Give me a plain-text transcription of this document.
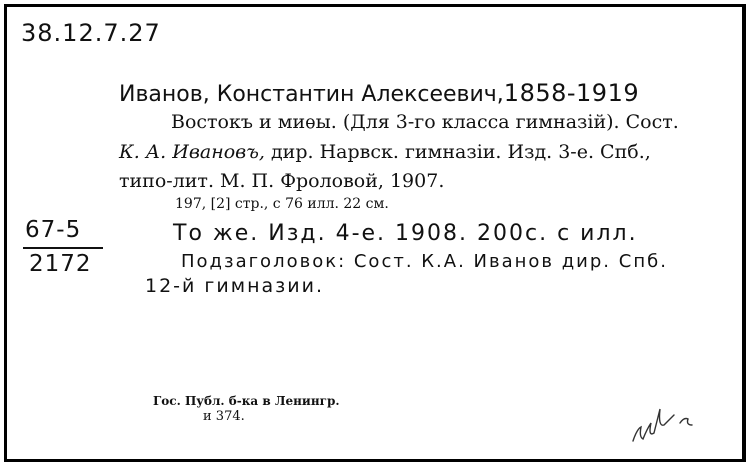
38.12.7.27
67-5
2172
Иванов, Константин Алексеевич,1858-1919
Востокъ и миѳы. (Для 3-го класса гимназій). Сост.
К. А. Ивановъ, дир. Нарвск. гимназіи. Изд. 3-е. Спб.,
типо-лит. М. П. Фроловой, 1907.
197, [2] стр., с 76 илл. 22 см.
То же. Изд. 4-е. 1908. 200с. с илл.
Подзаголовок: Сост. К.А. Иванов дир. Спб.
12-й гимназии.
Гос. Публ. б-ка в Ленингр.
и 374.
